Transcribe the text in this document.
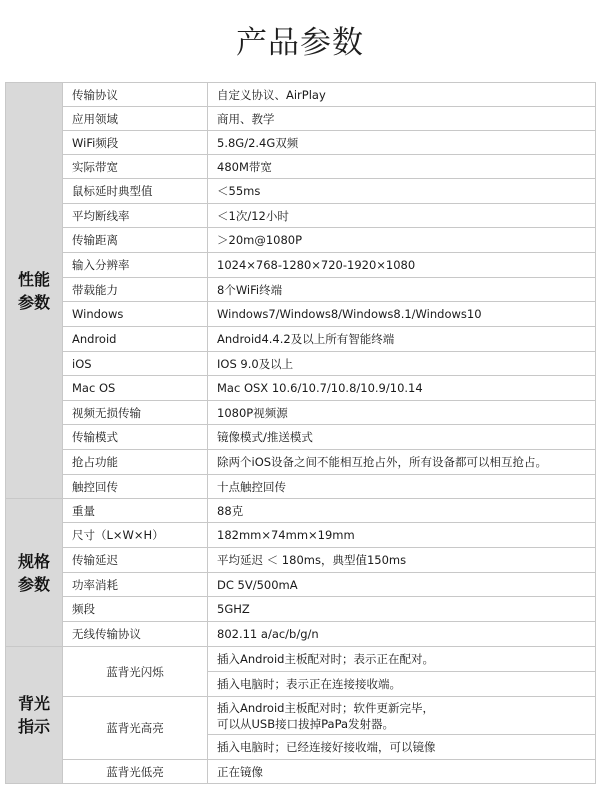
产品参数
性能
参数	传输协议	自定义协议、AirPlay
	应用领域	商用、教学
	WiFi频段	5.8G/2.4G双频
	实际带宽	480M带宽
	鼠标延时典型值	＜55ms
	平均断线率	＜1次/12小时
	传输距离	＞20m@1080P
	输入分辨率	1024×768-1280×720-1920×1080
	带载能力	8个WiFi终端
	Windows	Windows7/Windows8/Windows8.1/Windows10
	Android	Android4.4.2及以上所有智能终端
	iOS	IOS 9.0及以上
	Mac OS	Mac OSX 10.6/10.7/10.8/10.9/10.14
	视频无损传输	1080P视频源
	传输模式	镜像模式/推送模式
	抢占功能	除两个iOS设备之间不能相互抢占外，所有设备都可以相互抢占。
	触控回传	十点触控回传

规格
参数	重量	88克
	尺寸（L×W×H）	182mm×74mm×19mm
	传输延迟	平均延迟 ＜ 180ms，典型值150ms
	功率消耗	DC 5V/500mA
	频段	5GHZ
	无线传输协议	802.11 a/ac/b/g/n

背光
指示	蓝背光闪烁	插入Android主板配对时；表示正在配对。
		插入电脑时；表示正在连接接收端。
	蓝背光高亮	插入Android主板配对时；软件更新完毕，
可以从USB接口拔掉PaPa发射器。

		插入电脑时；已经连接好接收端，可以镜像
	蓝背光低亮	正在镜像
